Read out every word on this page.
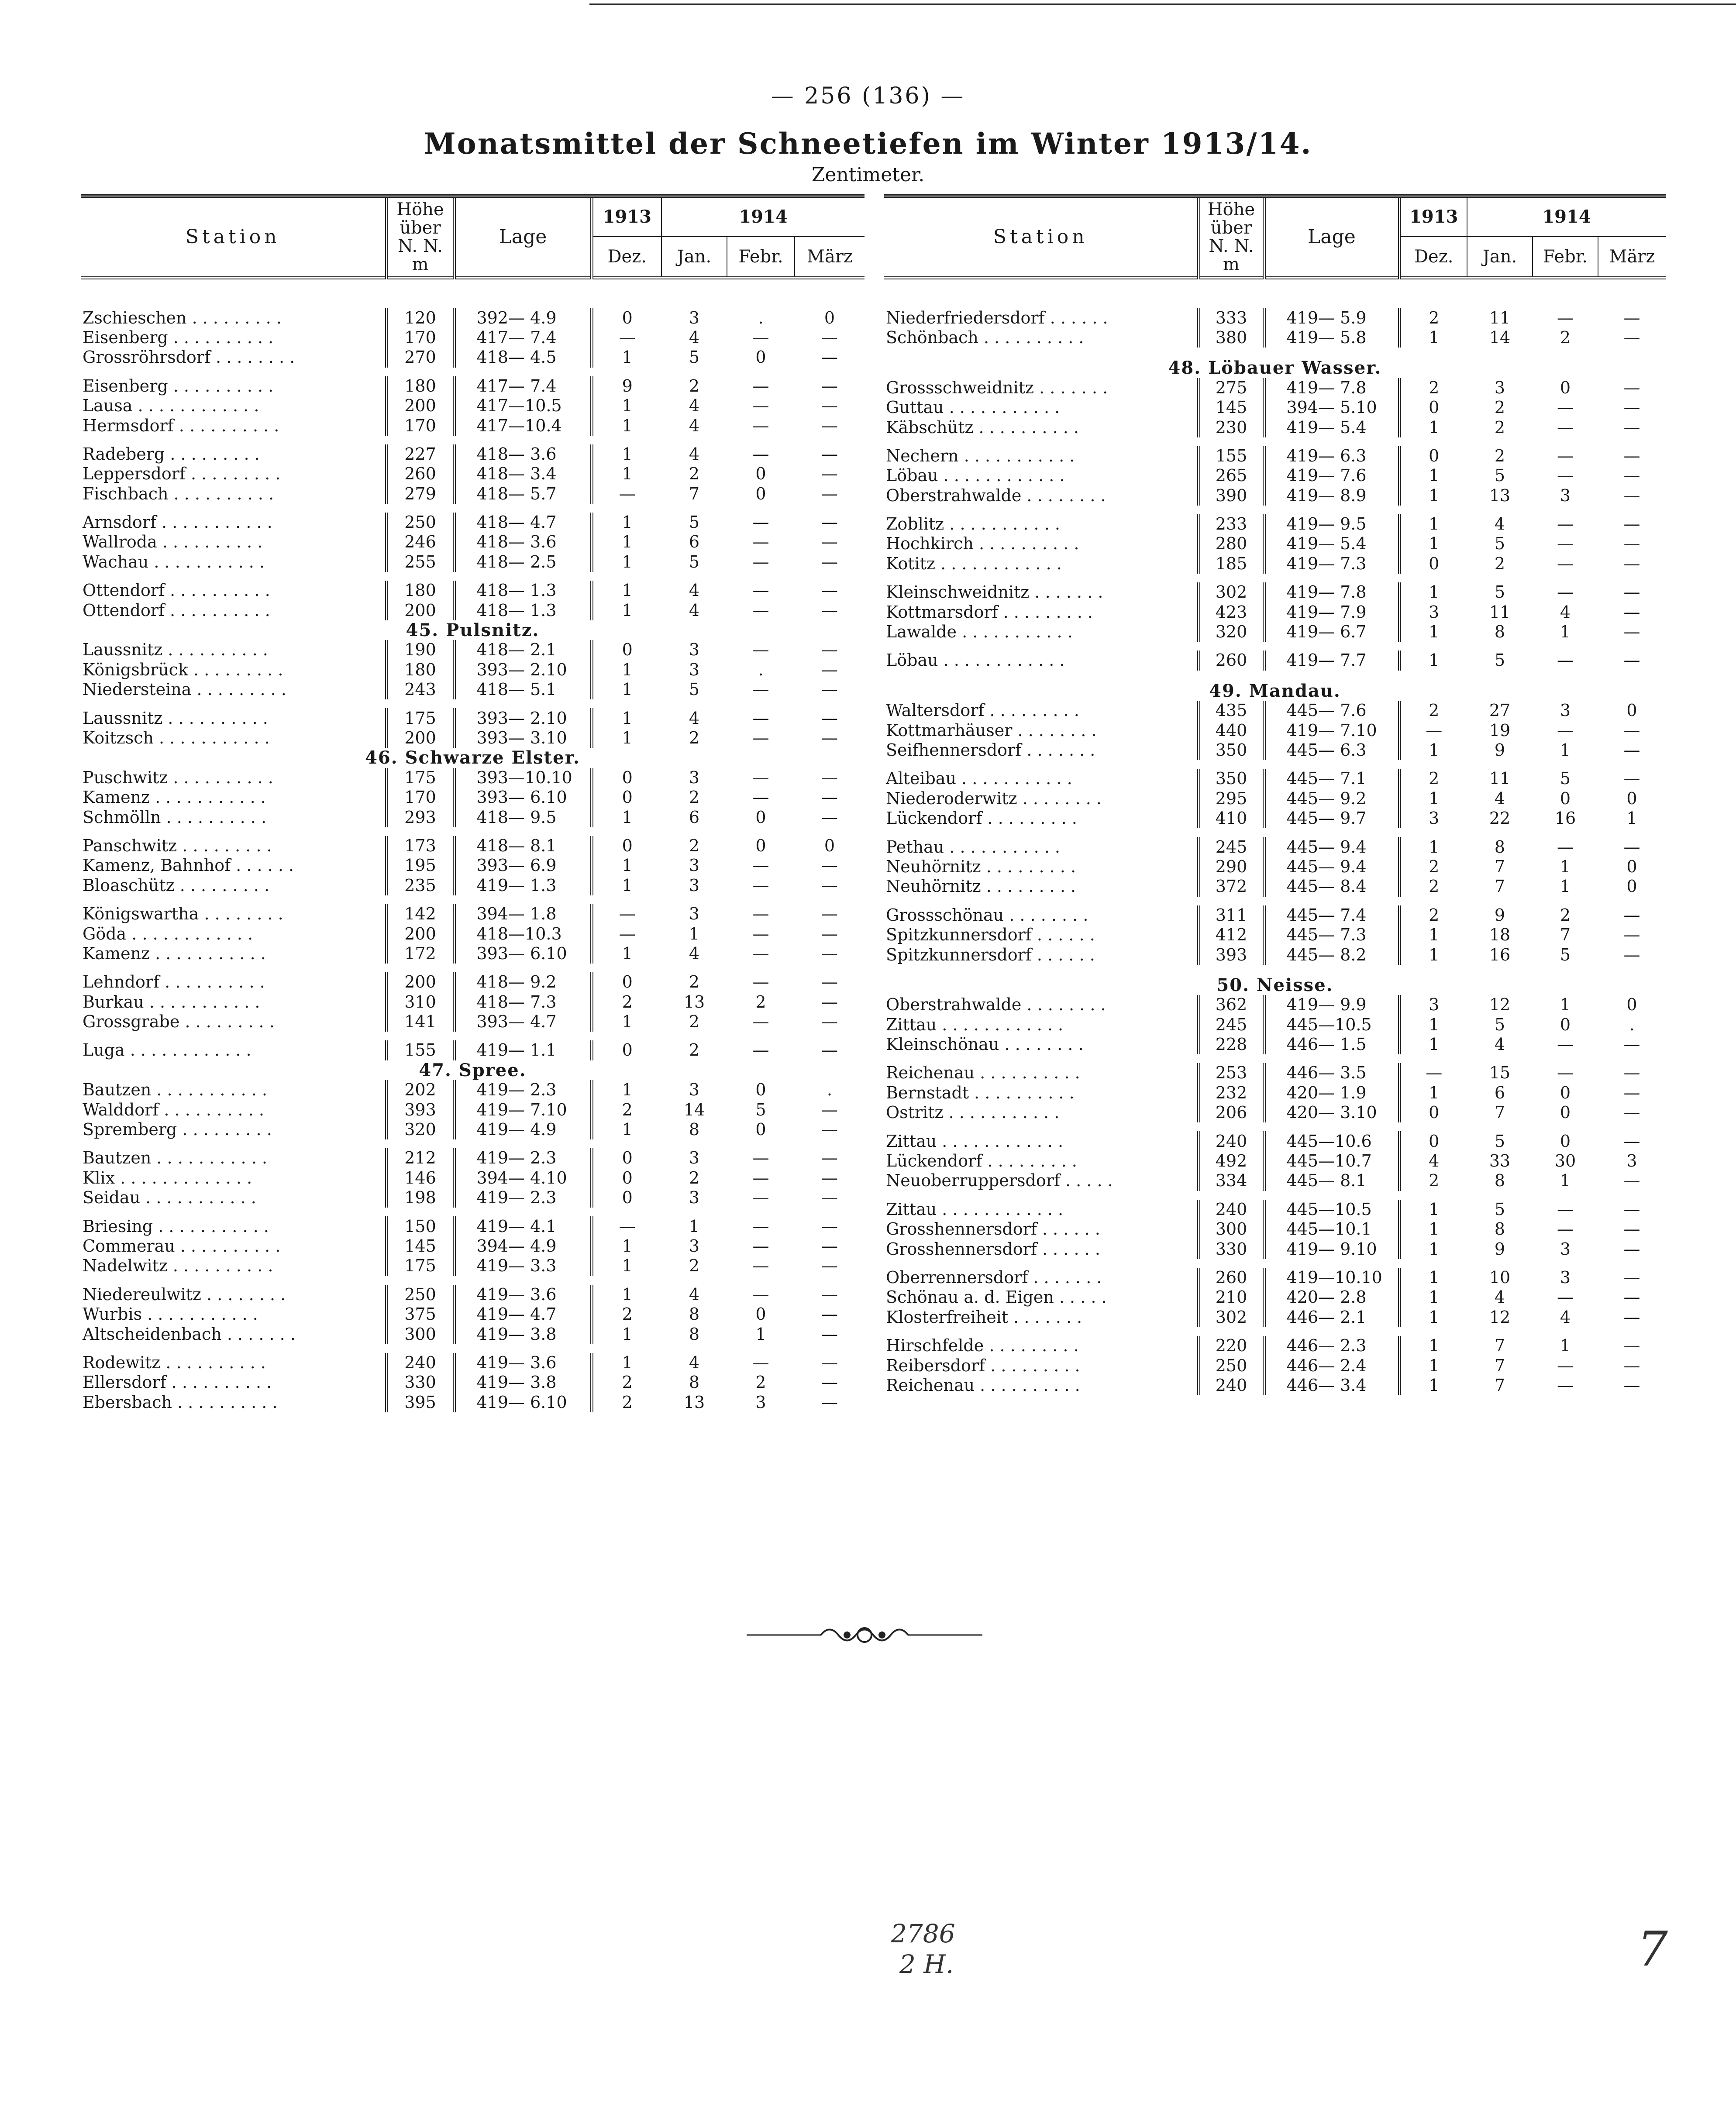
— 256 (136) —
Monatsmittel der Schneetiefen im Winter 1913/14.
Zentimeter.
Station	Höhe über N. N. m	Lage	1913	1914		
			Dez.	Jan.	Febr.	März

Zschieschen . . . . . . . . .	120	392— 4.9	0	3	.	0
Eisenberg . . . . . . . . . .	170	417— 7.4	—	4	—	—
Grossröhrsdorf . . . . . . . .	270	418— 4.5	1	5	0	—

Eisenberg . . . . . . . . . .	180	417— 7.4	9	2	—	—
Lausa . . . . . . . . . . . .	200	417—10.5	1	4	—	—
Hermsdorf . . . . . . . . . .	170	417—10.4	1	4	—	—

Radeberg . . . . . . . . .	227	418— 3.6	1	4	—	—
Leppersdorf . . . . . . . . .	260	418— 3.4	1	2	0	—
Fischbach . . . . . . . . . .	279	418— 5.7	—	7	0	—

Arnsdorf . . . . . . . . . . .	250	418— 4.7	1	5	—	—
Wallroda . . . . . . . . . .	246	418— 3.6	1	6	—	—
Wachau . . . . . . . . . . .	255	418— 2.5	1	5	—	—

Ottendorf . . . . . . . . . .	180	418— 1.3	1	4	—	—
Ottendorf . . . . . . . . . .	200	418— 1.3	1	4	—	—
45. Pulsnitz.						
Laussnitz . . . . . . . . . .	190	418— 2.1	0	3	—	—
Königsbrück . . . . . . . . .	180	393— 2.10	1	3	.	—
Niedersteina . . . . . . . . .	243	418— 5.1	1	5	—	—

Laussnitz . . . . . . . . . .	175	393— 2.10	1	4	—	—
Koitzsch . . . . . . . . . . .	200	393— 3.10	1	2	—	—
46. Schwarze Elster.						
Puschwitz . . . . . . . . . .	175	393—10.10	0	3	—	—
Kamenz . . . . . . . . . . .	170	393— 6.10	0	2	—	—
Schmölln . . . . . . . . . .	293	418— 9.5	1	6	0	—

Panschwitz . . . . . . . . .	173	418— 8.1	0	2	0	0
Kamenz, Bahnhof . . . . . .	195	393— 6.9	1	3	—	—
Bloaschütz . . . . . . . . .	235	419— 1.3	1	3	—	—

Königswartha . . . . . . . .	142	394— 1.8	—	3	—	—
Göda . . . . . . . . . . . .	200	418—10.3	—	1	—	—
Kamenz . . . . . . . . . . .	172	393— 6.10	1	4	—	—

Lehndorf . . . . . . . . . .	200	418— 9.2	0	2	—	—
Burkau . . . . . . . . . . .	310	418— 7.3	2	13	2	—
Grossgrabe . . . . . . . . .	141	393— 4.7	1	2	—	—

Luga . . . . . . . . . . . .	155	419— 1.1	0	2	—	—
47. Spree.						
Bautzen . . . . . . . . . . .	202	419— 2.3	1	3	0	.
Walddorf . . . . . . . . . .	393	419— 7.10	2	14	5	—
Spremberg . . . . . . . . .	320	419— 4.9	1	8	0	—

Bautzen . . . . . . . . . . .	212	419— 2.3	0	3	—	—
Klix . . . . . . . . . . . . .	146	394— 4.10	0	2	—	—
Seidau . . . . . . . . . . .	198	419— 2.3	0	3	—	—

Briesing . . . . . . . . . . .	150	419— 4.1	—	1	—	—
Commerau . . . . . . . . . .	145	394— 4.9	1	3	—	—
Nadelwitz . . . . . . . . . .	175	419— 3.3	1	2	—	—

Niedereulwitz . . . . . . . .	250	419— 3.6	1	4	—	—
Wurbis . . . . . . . . . . .	375	419— 4.7	2	8	0	—
Altscheidenbach . . . . . . .	300	419— 3.8	1	8	1	—

Rodewitz . . . . . . . . . .	240	419— 3.6	1	4	—	—
Ellersdorf . . . . . . . . . .	330	419— 3.8	2	8	2	—
Ebersbach . . . . . . . . . .	395	419— 6.10	2	13	3	—
Station	Höhe über N. N. m	Lage	1913	1914		
			Dez.	Jan.	Febr.	März

Niederfriedersdorf . . . . . .	333	419— 5.9	2	11	—	—
Schönbach . . . . . . . . . .	380	419— 5.8	1	14	2	—

48. Löbauer Wasser.						
Grossschweidnitz . . . . . . .	275	419— 7.8	2	3	0	—
Guttau . . . . . . . . . . .	145	394— 5.10	0	2	—	—
Käbschütz . . . . . . . . . .	230	419— 5.4	1	2	—	—

Nechern . . . . . . . . . . .	155	419— 6.3	0	2	—	—
Löbau . . . . . . . . . . . .	265	419— 7.6	1	5	—	—
Oberstrahwalde . . . . . . . .	390	419— 8.9	1	13	3	—

Zoblitz . . . . . . . . . . .	233	419— 9.5	1	4	—	—
Hochkirch . . . . . . . . . .	280	419— 5.4	1	5	—	—
Kotitz . . . . . . . . . . . .	185	419— 7.3	0	2	—	—

Kleinschweidnitz . . . . . . .	302	419— 7.8	1	5	—	—
Kottmarsdorf . . . . . . . . .	423	419— 7.9	3	11	4	—
Lawalde . . . . . . . . . . .	320	419— 6.7	1	8	1	—

Löbau . . . . . . . . . . . .	260	419— 7.7	1	5	—	—

49. Mandau.						
Waltersdorf . . . . . . . . .	435	445— 7.6	2	27	3	0
Kottmarhäuser . . . . . . . .	440	419— 7.10	—	19	—	—
Seifhennersdorf . . . . . . .	350	445— 6.3	1	9	1	—

Alteibau . . . . . . . . . . .	350	445— 7.1	2	11	5	—
Niederoderwitz . . . . . . . .	295	445— 9.2	1	4	0	0
Lückendorf . . . . . . . . .	410	445— 9.7	3	22	16	1

Pethau . . . . . . . . . . .	245	445— 9.4	1	8	—	—
Neuhörnitz . . . . . . . . .	290	445— 9.4	2	7	1	0
Neuhörnitz . . . . . . . . .	372	445— 8.4	2	7	1	0

Grossschönau . . . . . . . .	311	445— 7.4	2	9	2	—
Spitzkunnersdorf . . . . . .	412	445— 7.3	1	18	7	—
Spitzkunnersdorf . . . . . .	393	445— 8.2	1	16	5	—

50. Neisse.						
Oberstrahwalde . . . . . . . .	362	419— 9.9	3	12	1	0
Zittau . . . . . . . . . . . .	245	445—10.5	1	5	0	.
Kleinschönau . . . . . . . .	228	446— 1.5	1	4	—	—

Reichenau . . . . . . . . . .	253	446— 3.5	—	15	—	—
Bernstadt . . . . . . . . . .	232	420— 1.9	1	6	0	—
Ostritz . . . . . . . . . . .	206	420— 3.10	0	7	0	—

Zittau . . . . . . . . . . . .	240	445—10.6	0	5	0	—
Lückendorf . . . . . . . . .	492	445—10.7	4	33	30	3
Neuoberruppersdorf . . . . .	334	445— 8.1	2	8	1	—

Zittau . . . . . . . . . . . .	240	445—10.5	1	5	—	—
Grosshennersdorf . . . . . .	300	445—10.1	1	8	—	—
Grosshennersdorf . . . . . .	330	419— 9.10	1	9	3	—

Oberrennersdorf . . . . . . .	260	419—10.10	1	10	3	—
Schönau a. d. Eigen . . . . .	210	420— 2.8	1	4	—	—
Klosterfreiheit . . . . . . .	302	446— 2.1	1	12	4	—

Hirschfelde . . . . . . . . .	220	446— 2.3	1	7	1	—
Reibersdorf . . . . . . . . .	250	446— 2.4	1	7	—	—
Reichenau . . . . . . . . . .	240	446— 3.4	1	7	—	—
2786
2 H.	7
